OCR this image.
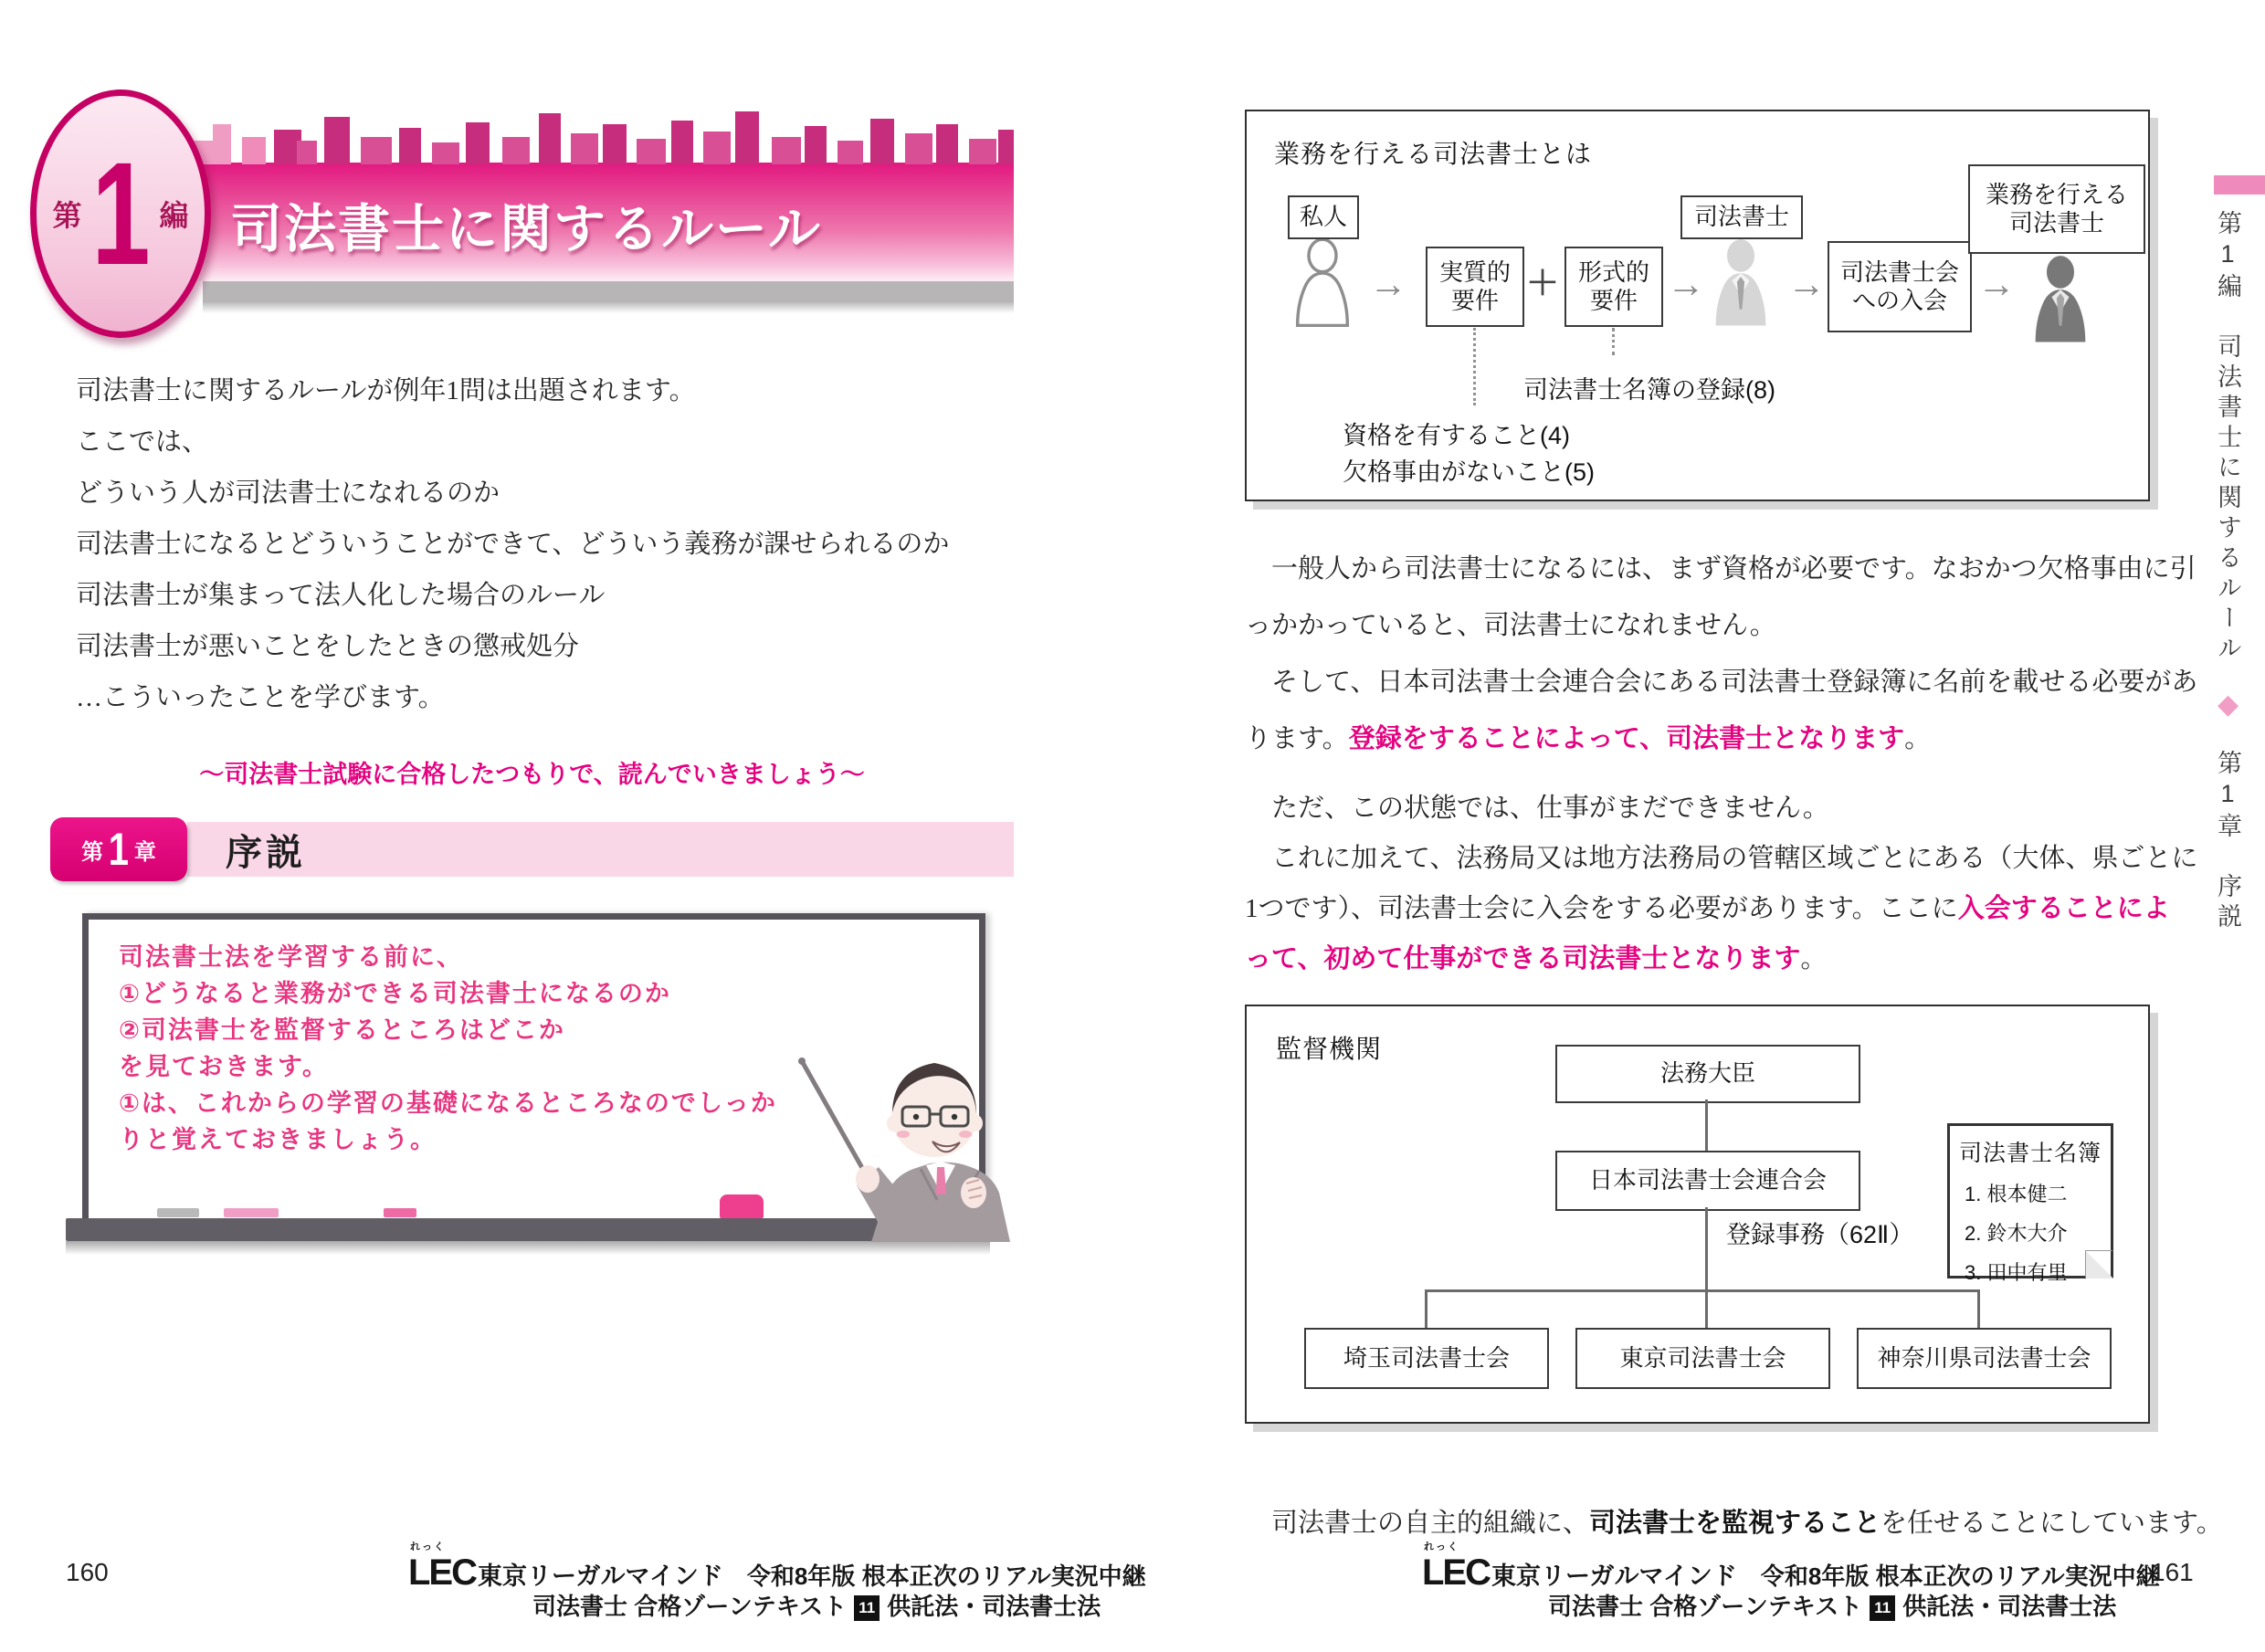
司法書士に関するルール
第 1 編
司法書士に関するルールが例年1問は出題されます。
ここでは、
どういう人が司法書士になれるのか
司法書士になるとどういうことができて、どういう義務が課せられるのか
司法書士が集まって法人化した場合のルール
司法書士が悪いことをしたときの懲戒処分
…こういったことを学びます。
～司法書士試験に合格したつもりで、読んでいきましょう～
序説
第 1 章
司法書士法を学習する前に、
①どうなると業務ができる司法書士になるのか
②司法書士を監督するところはどこか
を見ておきます。
①は、これからの学習の基礎になるところなのでしっか
りと覚えておきましょう。
160
れっく
LEC 東京リーガルマインド 令和8年版 根本正次のリアル実況中継
司法書士 合格ゾーンテキスト 11 供託法・司法書士法
業務を行える司法書士とは
私人
→ 実質的
要件 ＋ 形式的
要件 →
司法書士
→ 司法書士会
への入会 →
業務を行える
司法書士
司法書士名簿の登録(8)
資格を有すること(4)
欠格事由がないこと(5)
　一般人から司法書士になるには、まず資格が必要です。なおかつ欠格事由に引
っかかっていると、司法書士になれません。
　そして、日本司法書士会連合会にある司法書士登録簿に名前を載せる必要があ
ります。登録をすることによって、司法書士となります。
　ただ、この状態では、仕事がまだできません。
　これに加えて、法務局又は地方法務局の管轄区域ごとにある（大体、県ごとに
1つです）、司法書士会に入会をする必要があります。ここに入会することによ
って、初めて仕事ができる司法書士となります。
監督機関
法務大臣
日本司法書士会連合会
登録事務（62Ⅱ）
司法書士名簿
1. 根本健二
2. 鈴木大介
3. 田中有里
埼玉司法書士会	東京司法書士会	神奈川県司法書士会
　司法書士の自主的組織に、司法書士を監視することを任せることにしています。
第1編　司法書士に関するルール◆第1章　序説
れっく
LEC 東京リーガルマインド 令和8年版 根本正次のリアル実況中継
司法書士 合格ゾーンテキスト 11 供託法・司法書士法
161
